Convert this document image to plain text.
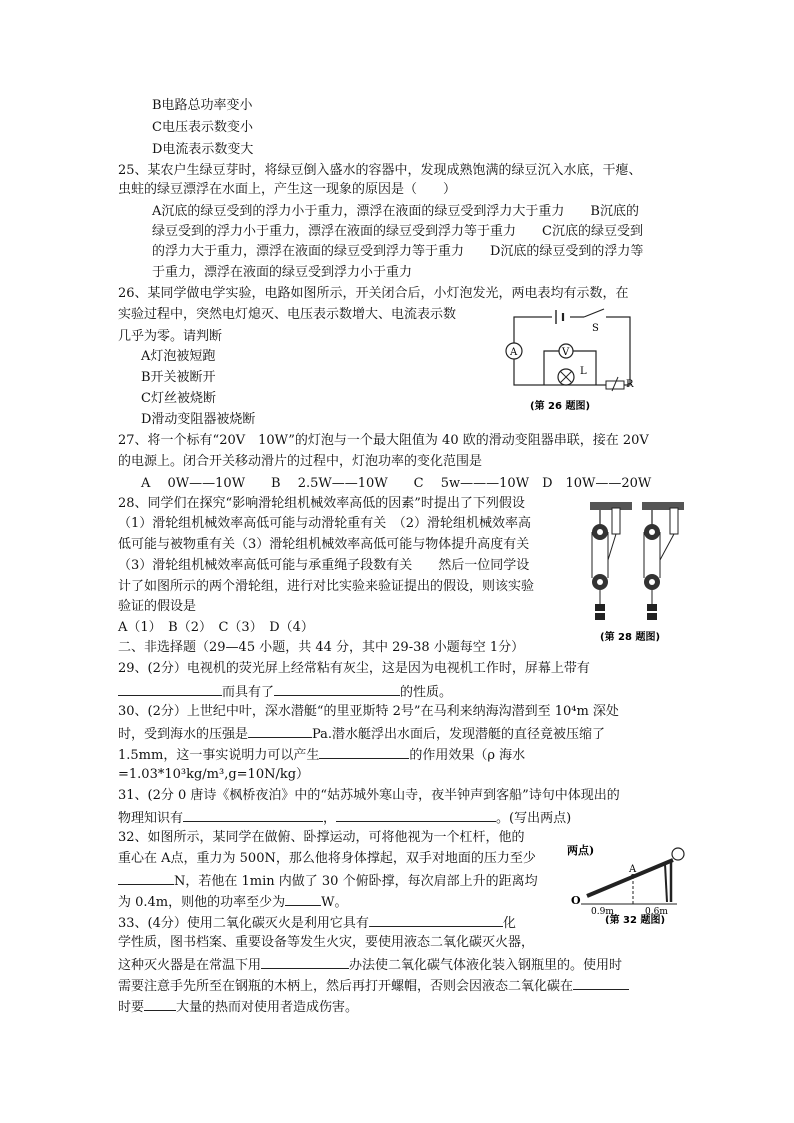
B电路总功率变小
C电压表示数变小
D电流表示数变大
25、某农户生绿豆芽时，将绿豆倒入盛水的容器中，发现成熟饱满的绿豆沉入水底，干瘪、
虫蛀的绿豆漂浮在水面上，产生这一现象的原因是（　　）
A沉底的绿豆受到的浮力小于重力，漂浮在液面的绿豆受到浮力大于重力　　B沉底的
绿豆受到的浮力小于重力，漂浮在液面的绿豆受到浮力等于重力　　C沉底的绿豆受到
的浮力大于重力，漂浮在液面的绿豆受到浮力等于重力　　D沉底的绿豆受到的浮力等
于重力，漂浮在液面的绿豆受到浮力小于重力
26、某同学做电学实验，电路如图所示，开关闭合后，小灯泡发光，两电表均有示数，在
实验过程中，突然电灯熄灭、电压表示数增大、电流表示数
几乎为零。请判断
A灯泡被短跑
B开关被断开
C灯丝被烧断
D滑动变阻器被烧断
S
A	V
L
R
(第 26 题图)
27、将一个标有“20V　10W”的灯泡与一个最大阻值为 40 欧的滑动变阻器串联，接在 20V
的电源上。闭合开关移动滑片的过程中，灯泡功率的变化范围是
A　 0W——10W　　B　 2.5W——10W　　C　 5w———10W　D　10W——20W
28、同学们在探究“影响滑轮组机械效率高低的因素”时提出了下列假设
（1）滑轮组机械效率高低可能与动滑轮重有关　（2）滑轮组机械效率高
低可能与被物重有关（3）滑轮组机械效率高低可能与物体提升高度有关
（3）滑轮组机械效率高低可能与承重绳子段数有关　　然后一位同学设
计了如图所示的两个滑轮组，进行对比实验来验证提出的假设，则该实验
验证的假设是
A（1）　B（2）　C（3）　D（4）
(第 28 题图)
二、非选择题（29—45 小题，共 44 分，其中 29-38 小题每空 1分）
29、(2分）电视机的荧光屏上经常粘有灰尘，这是因为电视机工作时，屏幕上带有
而具有了	的性质。
30、(2分）上世纪中叶，深水潜艇“的里亚斯特 2号”在马利来纳海沟潜到至 10⁴m 深处
时，受到海水的压强是	Pa.潜水艇浮出水面后，发现潜艇的直径竟被压缩了
1.5mm，这一事实说明力可以产生	的作用效果（ρ 海水
=1.03*10³kg/m³,g=10N/kg）
31、(2分 0 唐诗《枫桥夜泊》中的“姑苏城外寒山寺，夜半钟声到客船”诗句中体现出的
物理知识有	，	。(写出两点)
32、如图所示，某同学在做俯、卧撑运动，可将他视为一个杠杆，他的
重心在 A点，重力为 500N，那么他将身体撑起，双手对地面的压力至少
N，若他在 1min 内做了 30 个俯卧撑，每次肩部上升的距离均
为 0.4m，则他的功率至少为	W。
两点)
A
O
0.9m	0.6m
(第 32 题图)
33、(4分）使用二氧化碳灭火是利用它具有	化
学性质，图书档案、重要设备等发生火灾，要使用液态二氧化碳灭火器，
这种灭火器是在常温下用	办法使二氧化碳气体液化装入钢瓶里的。使用时
需要注意手先所至在钢瓶的木柄上，然后再打开螺帽，否则会因液态二氧化碳在
时要 大量的热而对使用者造成伤害。
